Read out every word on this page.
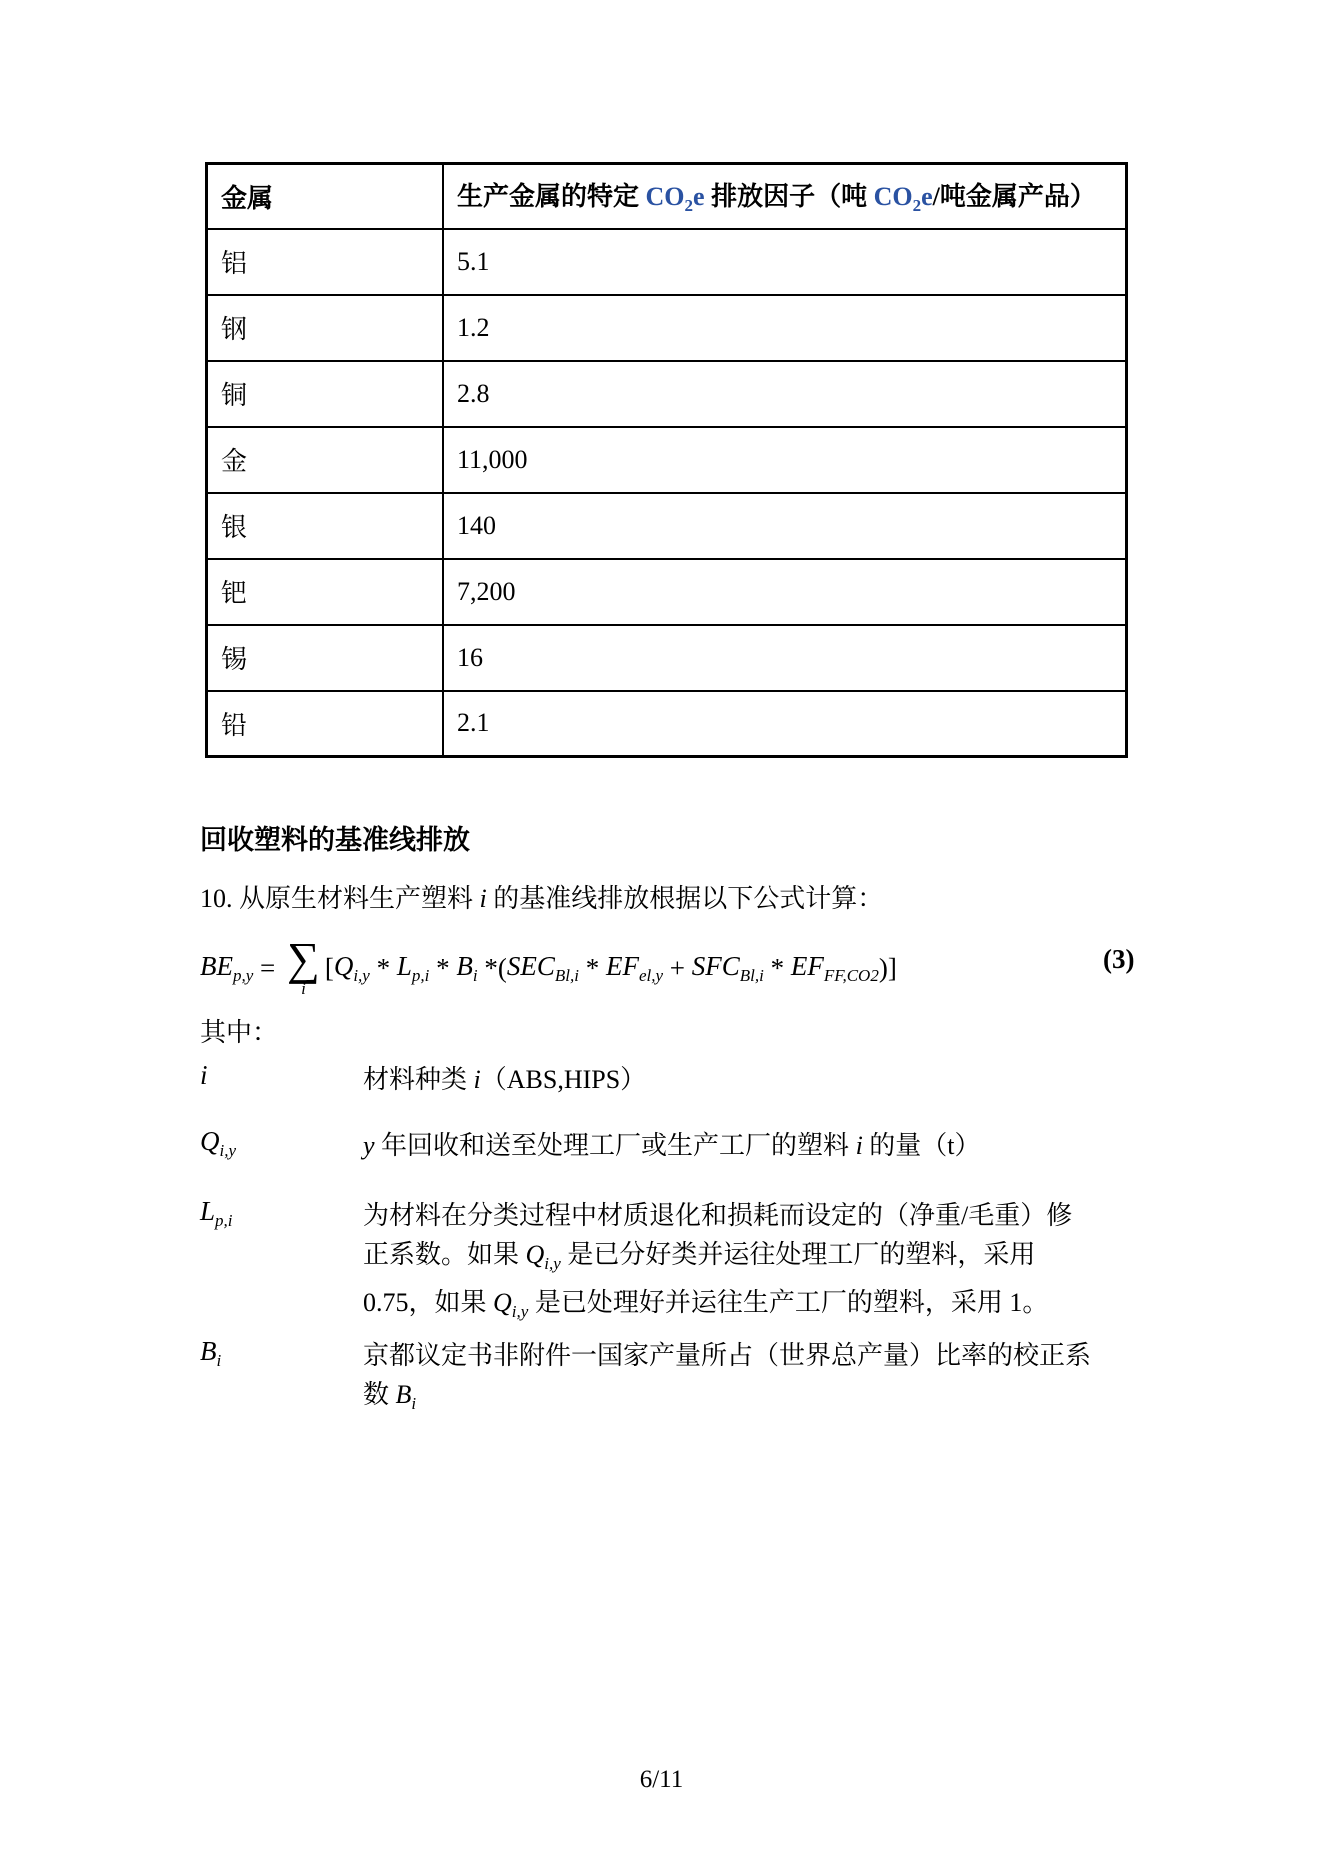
金属	生产金属的特定 $CO_2e$ 排放因子（吨 $CO_2e/$吨金属产品）
铝	5.1
钢	1.2
铜	2.8
金	11,000
银	140
钯	7,200
锡	16
铅	2.1
回收塑料的基准线排放
10. 从原生材料生产塑料 i 的基准线排放根据以下公式计算：
$BE_{p,y}$ = ∑
i
[ $Q_{i,y} * L_{p,i} * B_i$ *( $SEC_{Bl,i} * EF_{el,y} + SFC_{Bl,i} * EF_{FF,CO2}$ )]	(3)
其中：
i	材料种类 i（ABS,HIPS）
$Q_{i,y}$	y 年回收和送至处理工厂或生产工厂的塑料 i 的量（t）
$L_{p,i}$	为材料在分类过程中材质退化和损耗而设定的（净重/毛重）修
正系数。如果 $Q_{i,y}$ 是已分好类并运往处理工厂的塑料，采用
0.75，如果 $Q_{i,y}$ 是已处理好并运往生产工厂的塑料，采用 1。
$B_i$	京都议定书非附件一国家产量所占（世界总产量）比率的校正系
数 $B_i$
6/11
